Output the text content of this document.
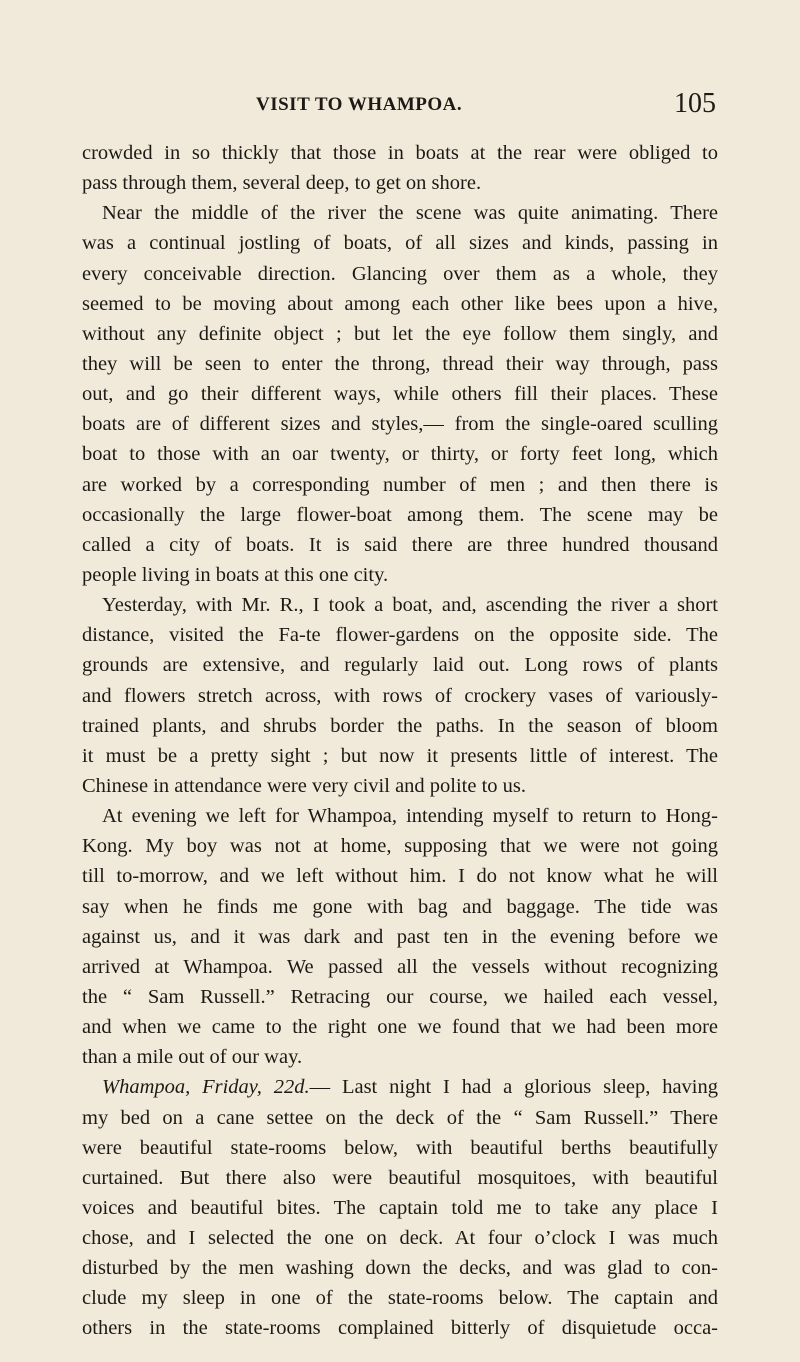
VISIT TO WHAMPOA.	105
crowded in so thickly that those in boats at the rear were obliged to
pass through them, several deep, to get on shore.
Near the middle of the river the scene was quite animating. There
was a continual jostling of boats, of all sizes and kinds, passing in
every conceivable direction. Glancing over them as a whole, they
seemed to be moving about among each other like bees upon a hive,
without any definite object ; but let the eye follow them singly, and
they will be seen to enter the throng, thread their way through, pass
out, and go their different ways, while others fill their places. These
boats are of different sizes and styles,— from the single-oared sculling
boat to those with an oar twenty, or thirty, or forty feet long, which
are worked by a corresponding number of men ; and then there is
occasionally the large flower-boat among them. The scene may be
called a city of boats. It is said there are three hundred thousand
people living in boats at this one city.
Yesterday, with Mr. R., I took a boat, and, ascending the river a short
distance, visited the Fa-te flower-gardens on the opposite side. The
grounds are extensive, and regularly laid out. Long rows of plants
and flowers stretch across, with rows of crockery vases of variously-
trained plants, and shrubs border the paths. In the season of bloom
it must be a pretty sight ; but now it presents little of interest. The
Chinese in attendance were very civil and polite to us.
At evening we left for Whampoa, intending myself to return to Hong-
Kong. My boy was not at home, supposing that we were not going
till to-morrow, and we left without him. I do not know what he will
say when he finds me gone with bag and baggage. The tide was
against us, and it was dark and past ten in the evening before we
arrived at Whampoa. We passed all the vessels without recognizing
the “ Sam Russell.” Retracing our course, we hailed each vessel,
and when we came to the right one we found that we had been more
than a mile out of our way.
Whampoa, Friday, 22d.— Last night I had a glorious sleep, having
my bed on a cane settee on the deck of the “ Sam Russell.” There
were beautiful state-rooms below, with beautiful berths beautifully
curtained. But there also were beautiful mosquitoes, with beautiful
voices and beautiful bites. The captain told me to take any place I
chose, and I selected the one on deck. At four o’clock I was much
disturbed by the men washing down the decks, and was glad to con-
clude my sleep in one of the state-rooms below. The captain and
others in the state-rooms complained bitterly of disquietude occa-
